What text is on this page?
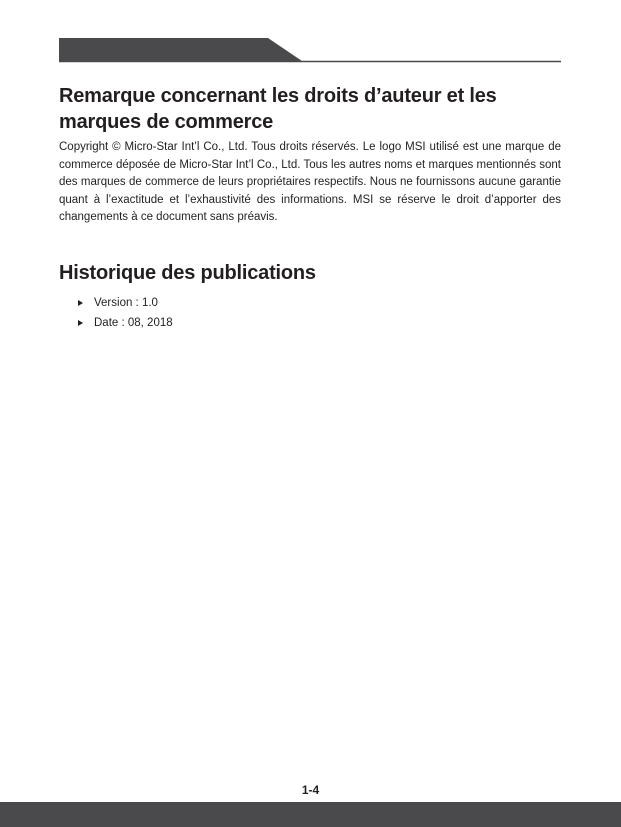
Remarque concernant les droits d’auteur et les marques de commerce

Copyright © Micro-Star Int’l Co., Ltd. Tous droits réservés. Le logo MSI utilisé est une marque de commerce déposée de Micro-Star Int’l Co., Ltd. Tous les autres noms et marques mentionnés sont des marques de commerce de leurs propriétaires respectifs. Nous ne fournissons aucune garantie quant à l’exactitude et l’exhaustivité des informations. MSI se réserve le droit d’apporter des changements à ce document sans préavis.

Historique des publications
Version : 1.0
Date : 08, 2018
1-4
